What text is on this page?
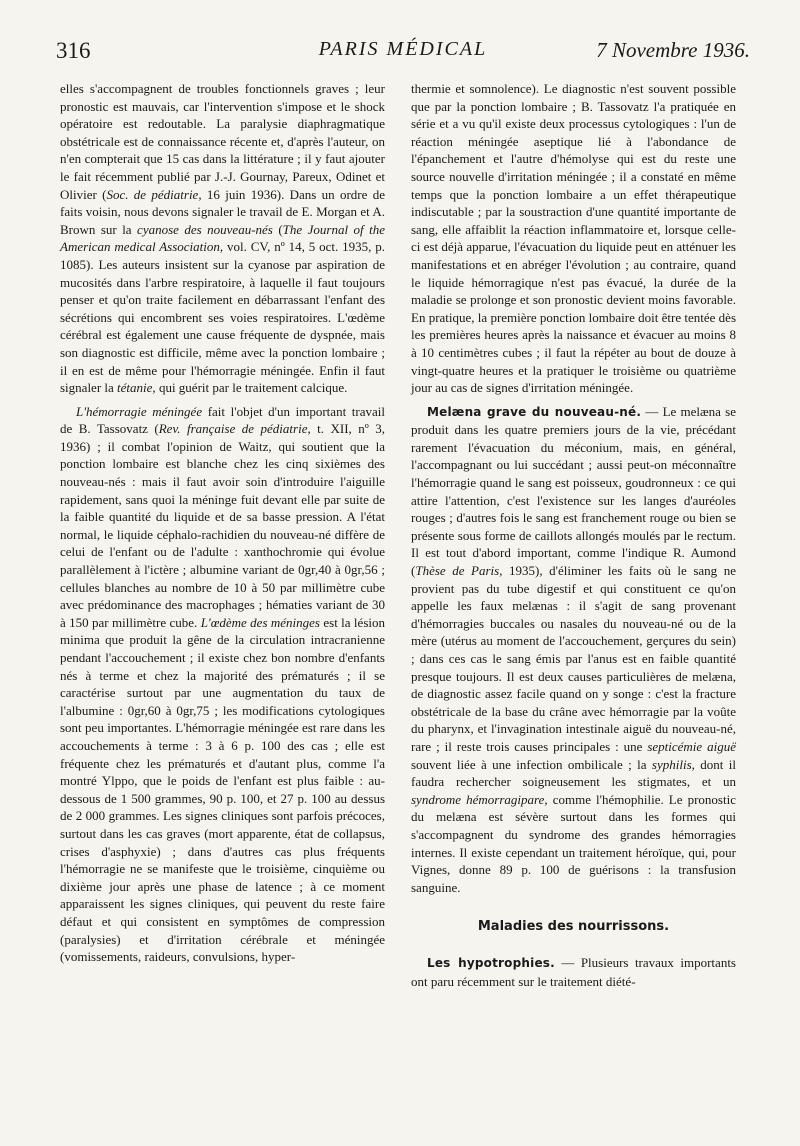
316	PARIS MÉDICAL	7 Novembre 1936.

elles s'accompagnent de troubles fonctionnels graves ; leur pronostic est mauvais, car l'intervention s'impose et le shock opératoire est redoutable. La paralysie diaphragmatique obstétricale est de connaissance récente et, d'après l'auteur, on n'en compterait que 15 cas dans la littérature ; il y faut ajouter le fait récemment publié par J.-J. Gournay, Pareux, Odinet et Olivier (Soc. de pédiatrie, 16 juin 1936). Dans un ordre de faits voisin, nous devons signaler le travail de E. Morgan et A. Brown sur la cyanose des nouveau-nés (The Journal of the American medical Association, vol. CV, nº 14, 5 oct. 1935, p. 1085). Les auteurs insistent sur la cyanose par aspiration de mucosités dans l'arbre respiratoire, à laquelle il faut toujours penser et qu'on traite facilement en débarrassant l'enfant des sécrétions qui encombrent ses voies respiratoires. L'œdème cérébral est également une cause fréquente de dyspnée, mais son diagnostic est difficile, même avec la ponction lombaire ; il en est de même pour l'hémorragie méningée. Enfin il faut signaler la tétanie, qui guérit par le traitement calcique.

L'hémorragie méningée fait l'objet d'un important travail de B. Tassovatz (Rev. française de pédiatrie, t. XII, nº 3, 1936) ; il combat l'opinion de Waitz, qui soutient que la ponction lombaire est blanche chez les cinq sixièmes des nouveau-nés : mais il faut avoir soin d'introduire l'aiguille rapidement, sans quoi la méninge fuit devant elle par suite de la faible quantité du liquide et de sa basse pression. A l'état normal, le liquide céphalo-rachidien du nouveau-né diffère de celui de l'enfant ou de l'adulte : xanthochromie qui évolue parallèlement à l'ictère ; albumine variant de 0gr,40 à 0gr,56 ; cellules blanches au nombre de 10 à 50 par millimètre cube avec prédominance des macrophages ; hématies variant de 30 à 150 par millimètre cube. L'œdème des méninges est la lésion minima que produit la gêne de la circulation intracranienne pendant l'accouchement ; il existe chez bon nombre d'enfants nés à terme et chez la majorité des prématurés ; il se caractérise surtout par une augmentation du taux de l'albumine : 0gr,60 à 0gr,75 ; les modifications cytologiques sont peu importantes. L'hémorragie méningée est rare dans les accouchements à terme : 3 à 6 p. 100 des cas ; elle est fréquente chez les prématurés et d'autant plus, comme l'a montré Ylppo, que le poids de l'enfant est plus faible : au-dessous de 1 500 grammes, 90 p. 100, et 27 p. 100 au dessus de 2 000 grammes. Les signes cliniques sont parfois précoces, surtout dans les cas graves (mort apparente, état de collapsus, crises d'asphyxie) ; dans d'autres cas plus fréquents l'hémorragie ne se manifeste que le troisième, cinquième ou dixième jour après une phase de latence ; à ce moment apparaissent les signes cliniques, qui peuvent du reste faire défaut et qui consistent en symptômes de compression (paralysies) et d'irritation cérébrale et méningée (vomissements, raideurs, convulsions, hyper-

thermie et somnolence). Le diagnostic n'est souvent possible que par la ponction lombaire ; B. Tassovatz l'a pratiquée en série et a vu qu'il existe deux processus cytologiques : l'un de réaction méningée aseptique lié à l'abondance de l'épanchement et l'autre d'hémolyse qui est du reste une source nouvelle d'irritation méningée ; il a constaté en même temps que la ponction lombaire a un effet thérapeutique indiscutable ; par la soustraction d'une quantité importante de sang, elle affaiblit la réaction inflammatoire et, lorsque celle-ci est déjà apparue, l'évacuation du liquide peut en atténuer les manifestations et en abréger l'évolution ; au contraire, quand le liquide hémorragique n'est pas évacué, la durée de la maladie se prolonge et son pronostic devient moins favorable. En pratique, la première ponction lombaire doit être tentée dès les premières heures après la naissance et évacuer au moins 8 à 10 centimètres cubes ; il faut la répéter au bout de douze à vingt-quatre heures et la pratiquer le troisième ou quatrième jour au cas de signes d'irritation méningée.

Melæna grave du nouveau-né. — Le melæna se produit dans les quatre premiers jours de la vie, précédant rarement l'évacuation du méconium, mais, en général, l'accompagnant ou lui succédant ; aussi peut-on méconnaître l'hémorragie quand le sang est poisseux, goudronneux : ce qui attire l'attention, c'est l'existence sur les langes d'auréoles rouges ; d'autres fois le sang est franchement rouge ou bien se présente sous forme de caillots allongés moulés par le rectum. Il est tout d'abord important, comme l'indique R. Aumond (Thèse de Paris, 1935), d'éliminer les faits où le sang ne provient pas du tube digestif et qui constituent ce qu'on appelle les faux melænas : il s'agit de sang provenant d'hémorragies buccales ou nasales du nouveau-né ou de la mère (utérus au moment de l'accouchement, gerçures du sein) ; dans ces cas le sang émis par l'anus est en faible quantité presque toujours. Il est deux causes particulières de melæna, de diagnostic assez facile quand on y songe : c'est la fracture obstétricale de la base du crâne avec hémorragie par la voûte du pharynx, et l'invagination intestinale aiguë du nouveau-né, rare ; il reste trois causes principales : une septicémie aiguë souvent liée à une infection ombilicale ; la syphilis, dont il faudra rechercher soigneusement les stigmates, et un syndrome hémorragipare, comme l'hémophilie. Le pronostic du melæna est sévère surtout dans les formes qui s'accompagnent du syndrome des grandes hémorragies internes. Il existe cependant un traitement héroïque, qui, pour Vignes, donne 89 p. 100 de guérisons : la transfusion sanguine.

Maladies des nourrissons.

Les hypotrophies. — Plusieurs travaux importants ont paru récemment sur le traitement diété-
